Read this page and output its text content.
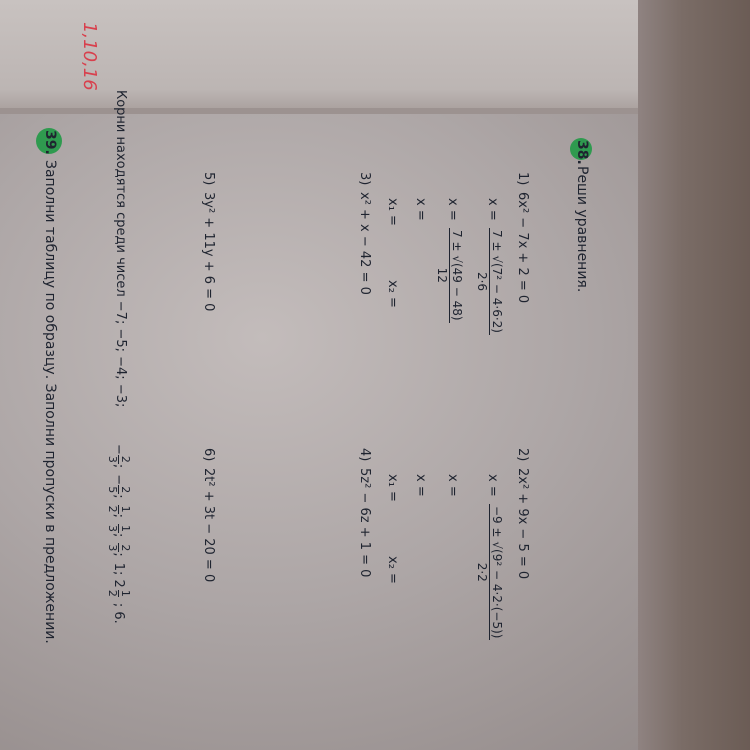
1,10,16
38.
Реши уравнения.
1)
6x² − 7x + 2 = 0
x =
7 ± √(7² − 4·6·2)
2·6
x =
7 ± √(49 − 48)
12
x =
x₁ =
x₂ =
3)
x² + x − 42 = 0
5)
3y² + 11y + 6 = 0
2)
2x² + 9x − 5 = 0
x =
−9 ± √(9² − 4·2·(−5))
2·2
x =
x =
x₁ =
x₂ =
4)
5z² − 6z + 1 = 0
6)
2t² + 3t − 20 = 0
Корни находятся среди чисел −7; −5; −4; −3;
−
2
3
;
−
2
5
;
1
2
;
1
3
;
2
3
;
1; 2
1
2
; 6.
39.
Заполни таблицу по образцу. Заполни пропуски в предложении.
